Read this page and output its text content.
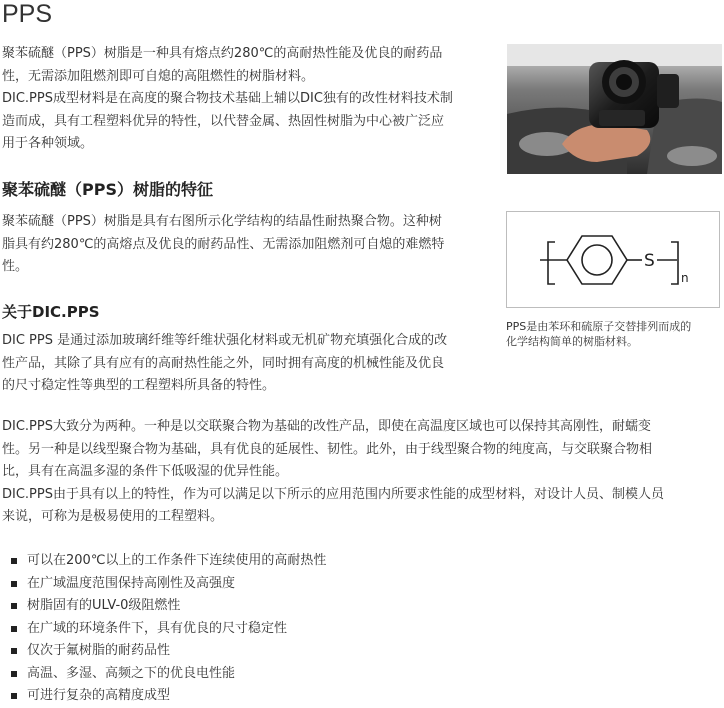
PPS

聚苯硫醚（PPS）树脂是一种具有熔点约280℃的高耐热性能及优良的耐药品
性，无需添加阻燃剂即可自熄的高阻燃性的树脂材料。
DIC.PPS成型材料是在高度的聚合物技术基础上辅以DIC独有的改性材料技术制
造而成，具有工程塑料优异的特性，以代替金属、热固性树脂为中心被广泛应
用于各种领域。

聚苯硫醚（PPS）树脂的特征

聚苯硫醚（PPS）树脂是具有右图所示化学结构的结晶性耐热聚合物。这种树
脂具有约280℃的高熔点及优良的耐药品性、无需添加阻燃剂可自熄的难燃特
性。	S
n
PPS是由苯环和硫原子交替排列而成的
化学结构简单的树脂材料。
关于DIC.PPS

DIC PPS 是通过添加玻璃纤维等纤维状强化材料或无机矿物充填强化合成的改
性产品，其除了具有应有的高耐热性能之外，同时拥有高度的机械性能及优良
的尺寸稳定性等典型的工程塑料所具备的特性。

DIC.PPS大致分为两种。一种是以交联聚合物为基础的改性产品，即使在高温度区域也可以保持其高刚性，耐蠕变
性。另一种是以线型聚合物为基础，具有优良的延展性、韧性。此外，由于线型聚合物的纯度高，与交联聚合物相
比，具有在高温多湿的条件下低吸湿的优异性能。
DIC.PPS由于具有以上的特性，作为可以满足以下所示的应用范围内所要求性能的成型材料，对设计人员、制模人员
来说，可称为是极易使用的工程塑料。

可以在200℃以上的工作条件下连续使用的高耐热性
在广域温度范围保持高刚性及高强度
树脂固有的ULV-0级阻燃性
在广域的环境条件下，具有优良的尺寸稳定性
仅次于氟树脂的耐药品性
高温、多湿、高频之下的优良电性能
可进行复杂的高精度成型
